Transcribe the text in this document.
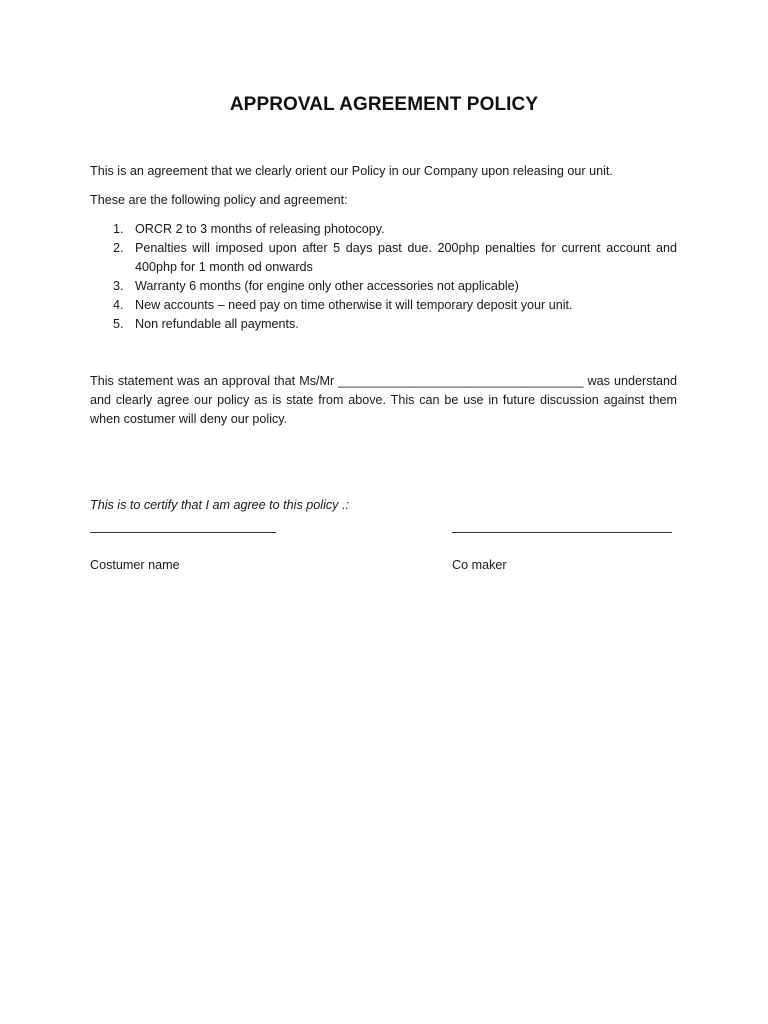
APPROVAL AGREEMENT POLICY

This is an agreement that we clearly orient our Policy in our Company upon releasing our unit.

These are the following policy and agreement:

1. ORCR 2 to 3 months of releasing photocopy.
2. Penalties will imposed upon after 5 days past due. 200php penalties for current account and 400php for 1 month od onwards
3. Warranty 6 months (for engine only other accessories not applicable)
4. New accounts – need pay on time otherwise it will temporary deposit your unit.
5. Non refundable all payments.

This statement was an approval that Ms/Mr ___________________________________ was understand and clearly agree our policy as is state from above. This can be use in future discussion against them when costumer will deny our policy.

This is to certify that I am agree to this policy .:

Costumer name	Co maker
